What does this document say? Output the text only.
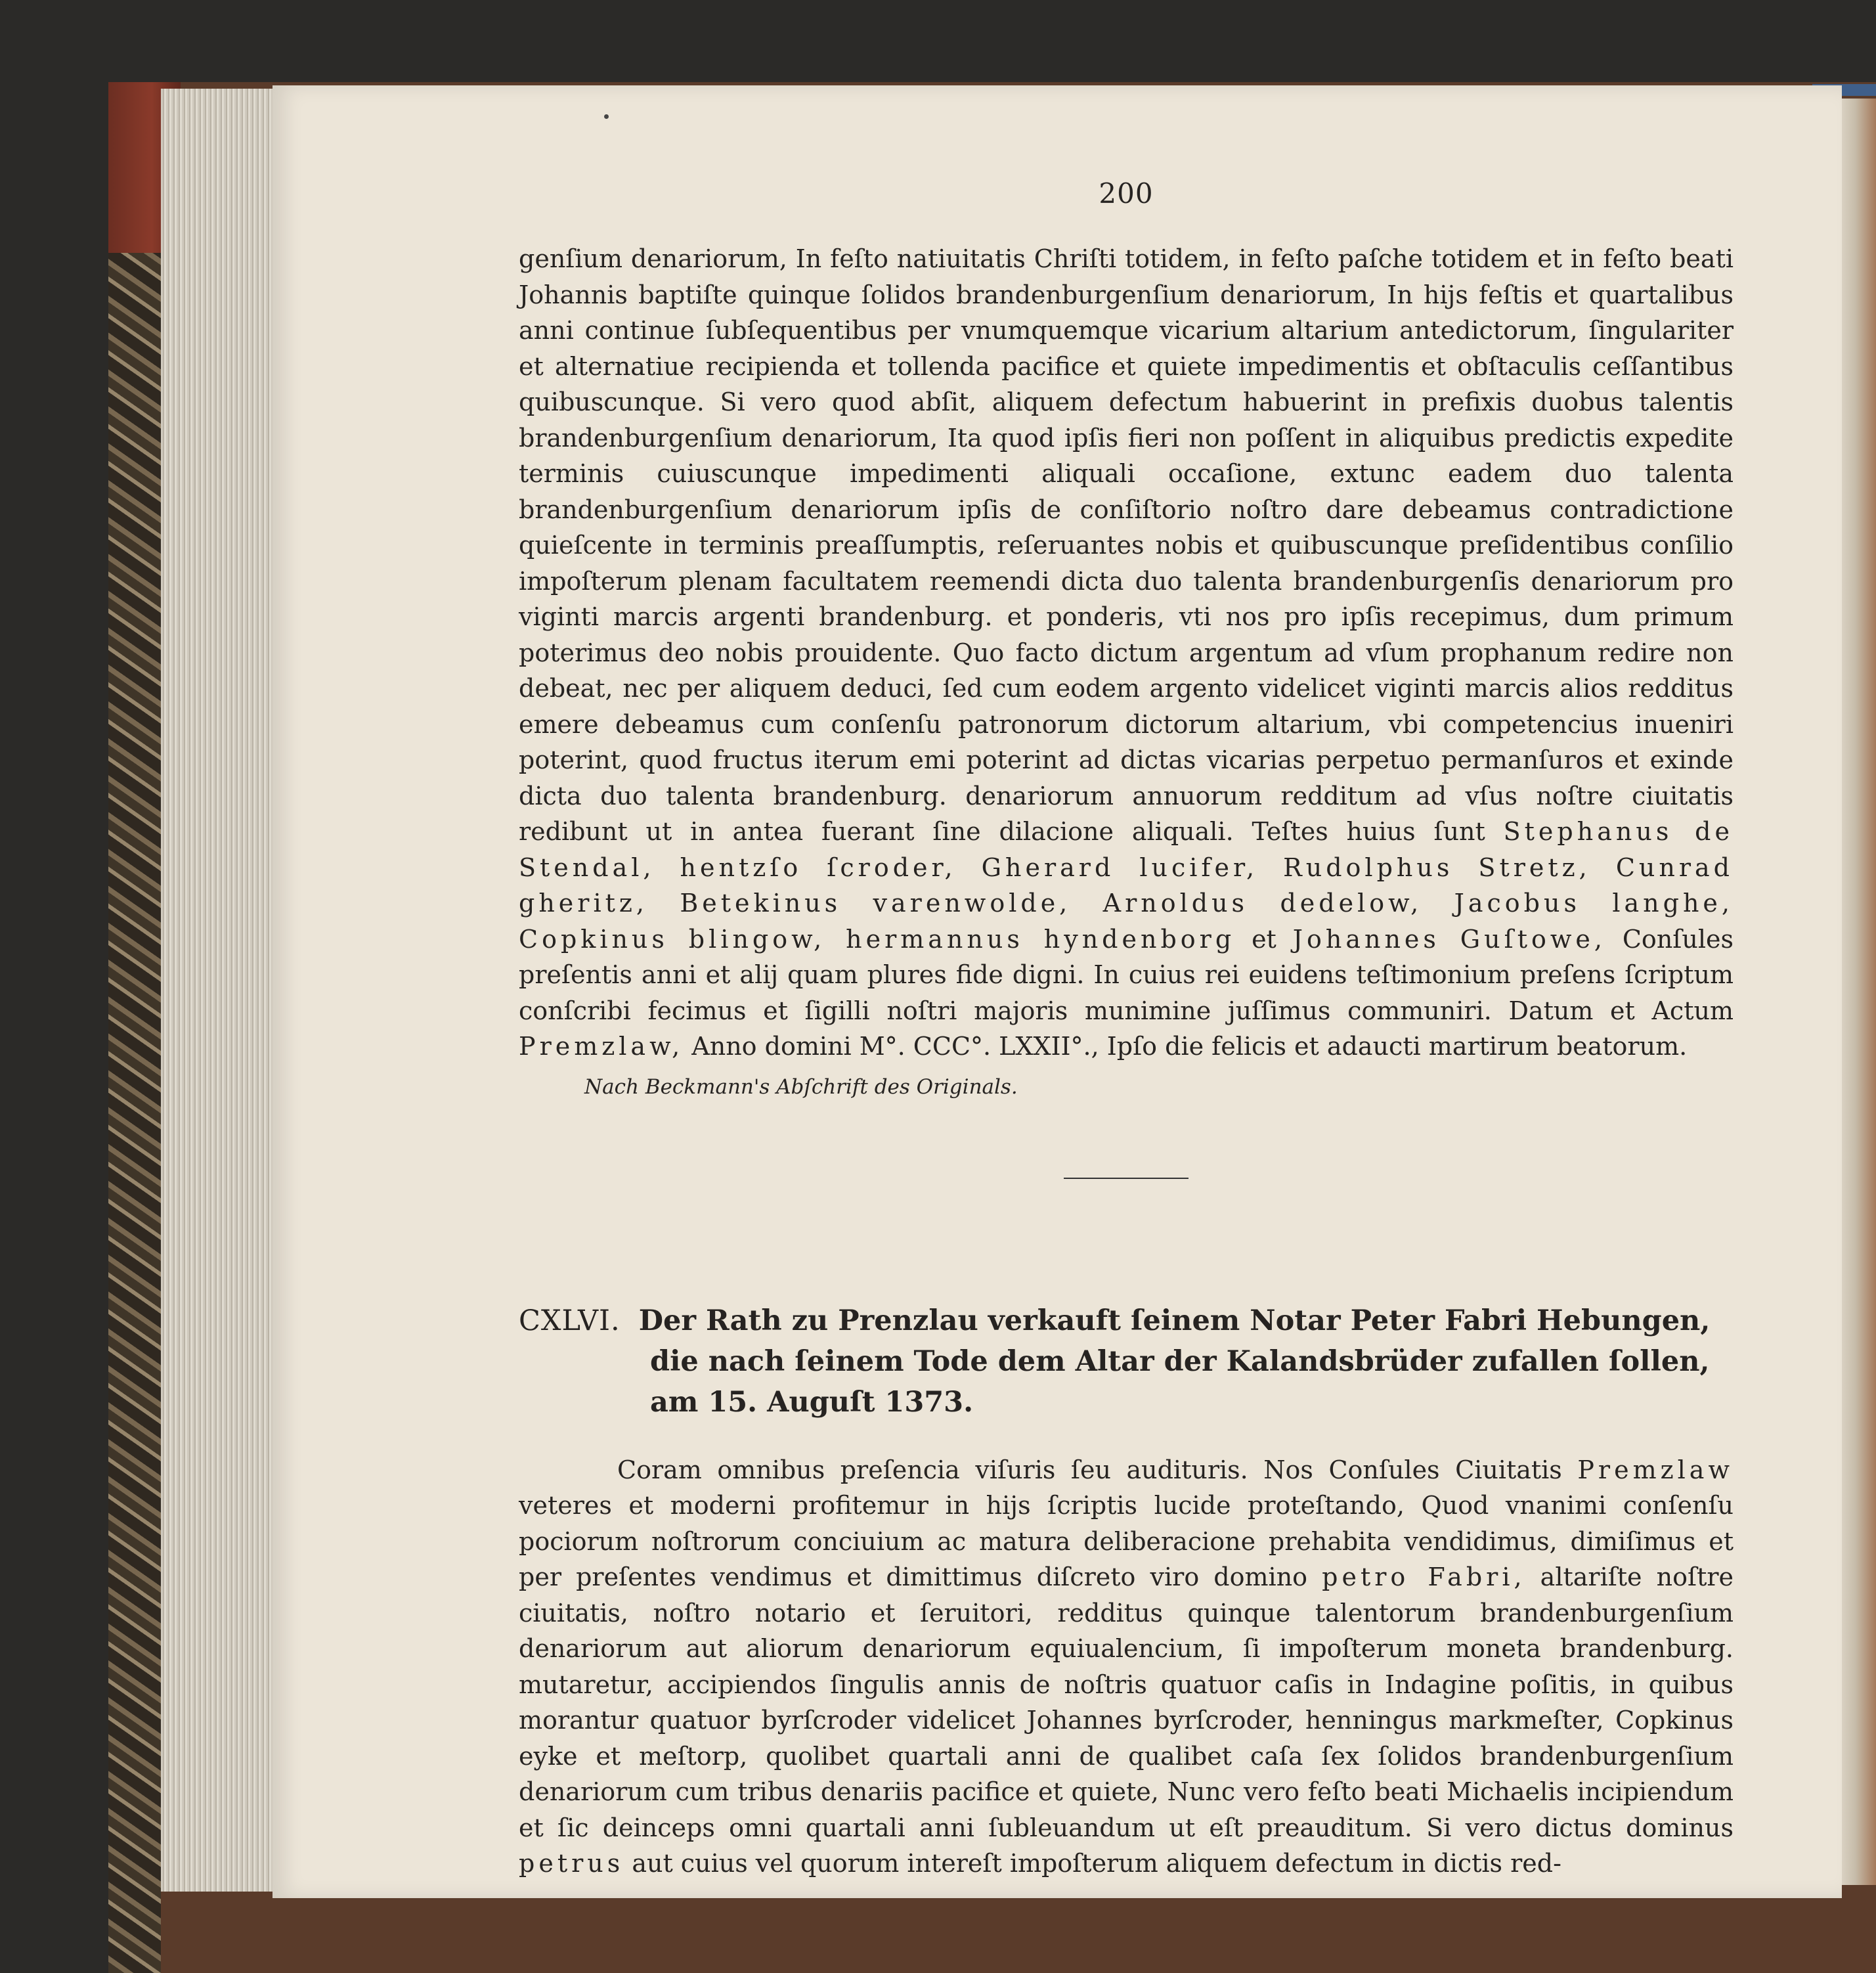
200

genſium denariorum, In feſto natiuitatis Chriſti totidem, in feſto paſche totidem et in feſto beati Johannis baptiſte quinque ſolidos brandenburgenſium denariorum, In hijs feſtis et quartalibus anni continue ſubſequentibus per vnumquemque vicarium altarium antedictorum, ſingulariter et alternatiue recipienda et tollenda pacifice et quiete impedimentis et obſtaculis ceſſantibus quibuscunque. Si vero quod abſit, aliquem defectum habuerint in prefixis duobus talentis brandenburgenſium denariorum, Ita quod ipſis fieri non poſſent in aliquibus predictis expedite terminis cuiuscunque impedimenti aliquali occaſione, extunc eadem duo talenta brandenburgenſium denariorum ipſis de conſiſtorio noſtro dare debeamus contradictione quieſcente in terminis preaſſumptis, reſeruantes nobis et quibuscunque preſidentibus conſilio impoſterum plenam facultatem reemendi dicta duo talenta brandenburgenſis denariorum pro viginti marcis argenti brandenburg. et ponderis, vti nos pro ipſis recepimus, dum primum poterimus deo nobis prouidente. Quo facto dictum argentum ad vſum prophanum redire non debeat, nec per aliquem deduci, ſed cum eodem argento videlicet viginti marcis alios redditus emere debeamus cum conſenſu patronorum dictorum altarium, vbi competencius inueniri poterint, quod fructus iterum emi poterint ad dictas vicarias perpetuo permanſuros et exinde dicta duo talenta brandenburg. denariorum annuorum redditum ad vſus noſtre ciuitatis redibunt ut in antea fuerant ſine dilacione aliquali. Teſtes huius ſunt Stephanus de Stendal, hentzſo ſcroder, Gherard lucifer, Rudolphus Stretz, Cunrad gheritz, Betekinus varenwolde, Arnoldus dedelow, Jacobus langhe, Copkinus blingow, hermannus hyndenborg et Johannes Guſtowe, Conſules preſentis anni et alij quam plures fide digni. In cuius rei euidens teſtimonium preſens ſcriptum conſcribi fecimus et ſigilli noſtri majoris munimine juſſimus communiri. Datum et Actum Premzlaw, Anno domini M°. CCC°. LXXII°., Ipſo die felicis et adaucti martirum beatorum.

Nach Beckmann's Abſchrift des Originals.
CXLVI. Der Rath zu Prenzlau verkauft ſeinem Notar Peter Fabri Hebungen, die nach ſeinem Tode dem Altar der Kalandsbrüder zufallen ſollen, am 15. Auguſt 1373.

Coram omnibus preſencia viſuris ſeu audituris. Nos Conſules Ciuitatis Premzlaw veteres et moderni profitemur in hijs ſcriptis lucide proteſtando, Quod vnanimi conſenſu pociorum noſtrorum conciuium ac matura deliberacione prehabita vendidimus, dimiſimus et per preſentes vendimus et dimittimus diſcreto viro domino petro Fabri, altariſte noſtre ciuitatis, noſtro notario et ſeruitori, redditus quinque talentorum brandenburgenſium denariorum aut aliorum denariorum equiualencium, ſi impoſterum moneta brandenburg. mutaretur, accipiendos ſingulis annis de noſtris quatuor caſis in Indagine poſitis, in quibus morantur quatuor byrſcroder videlicet Johannes byrſcroder, henningus markmeſter, Copkinus eyke et meſtorp, quolibet quartali anni de qualibet caſa ſex ſolidos brandenburgenſium denariorum cum tribus denariis pacifice et quiete, Nunc vero feſto beati Michaelis incipiendum et ſic deinceps omni quartali anni ſubleuandum ut eſt preauditum. Si vero dictus dominus petrus aut cuius vel quorum intereſt impoſterum aliquem defectum in dictis red-
